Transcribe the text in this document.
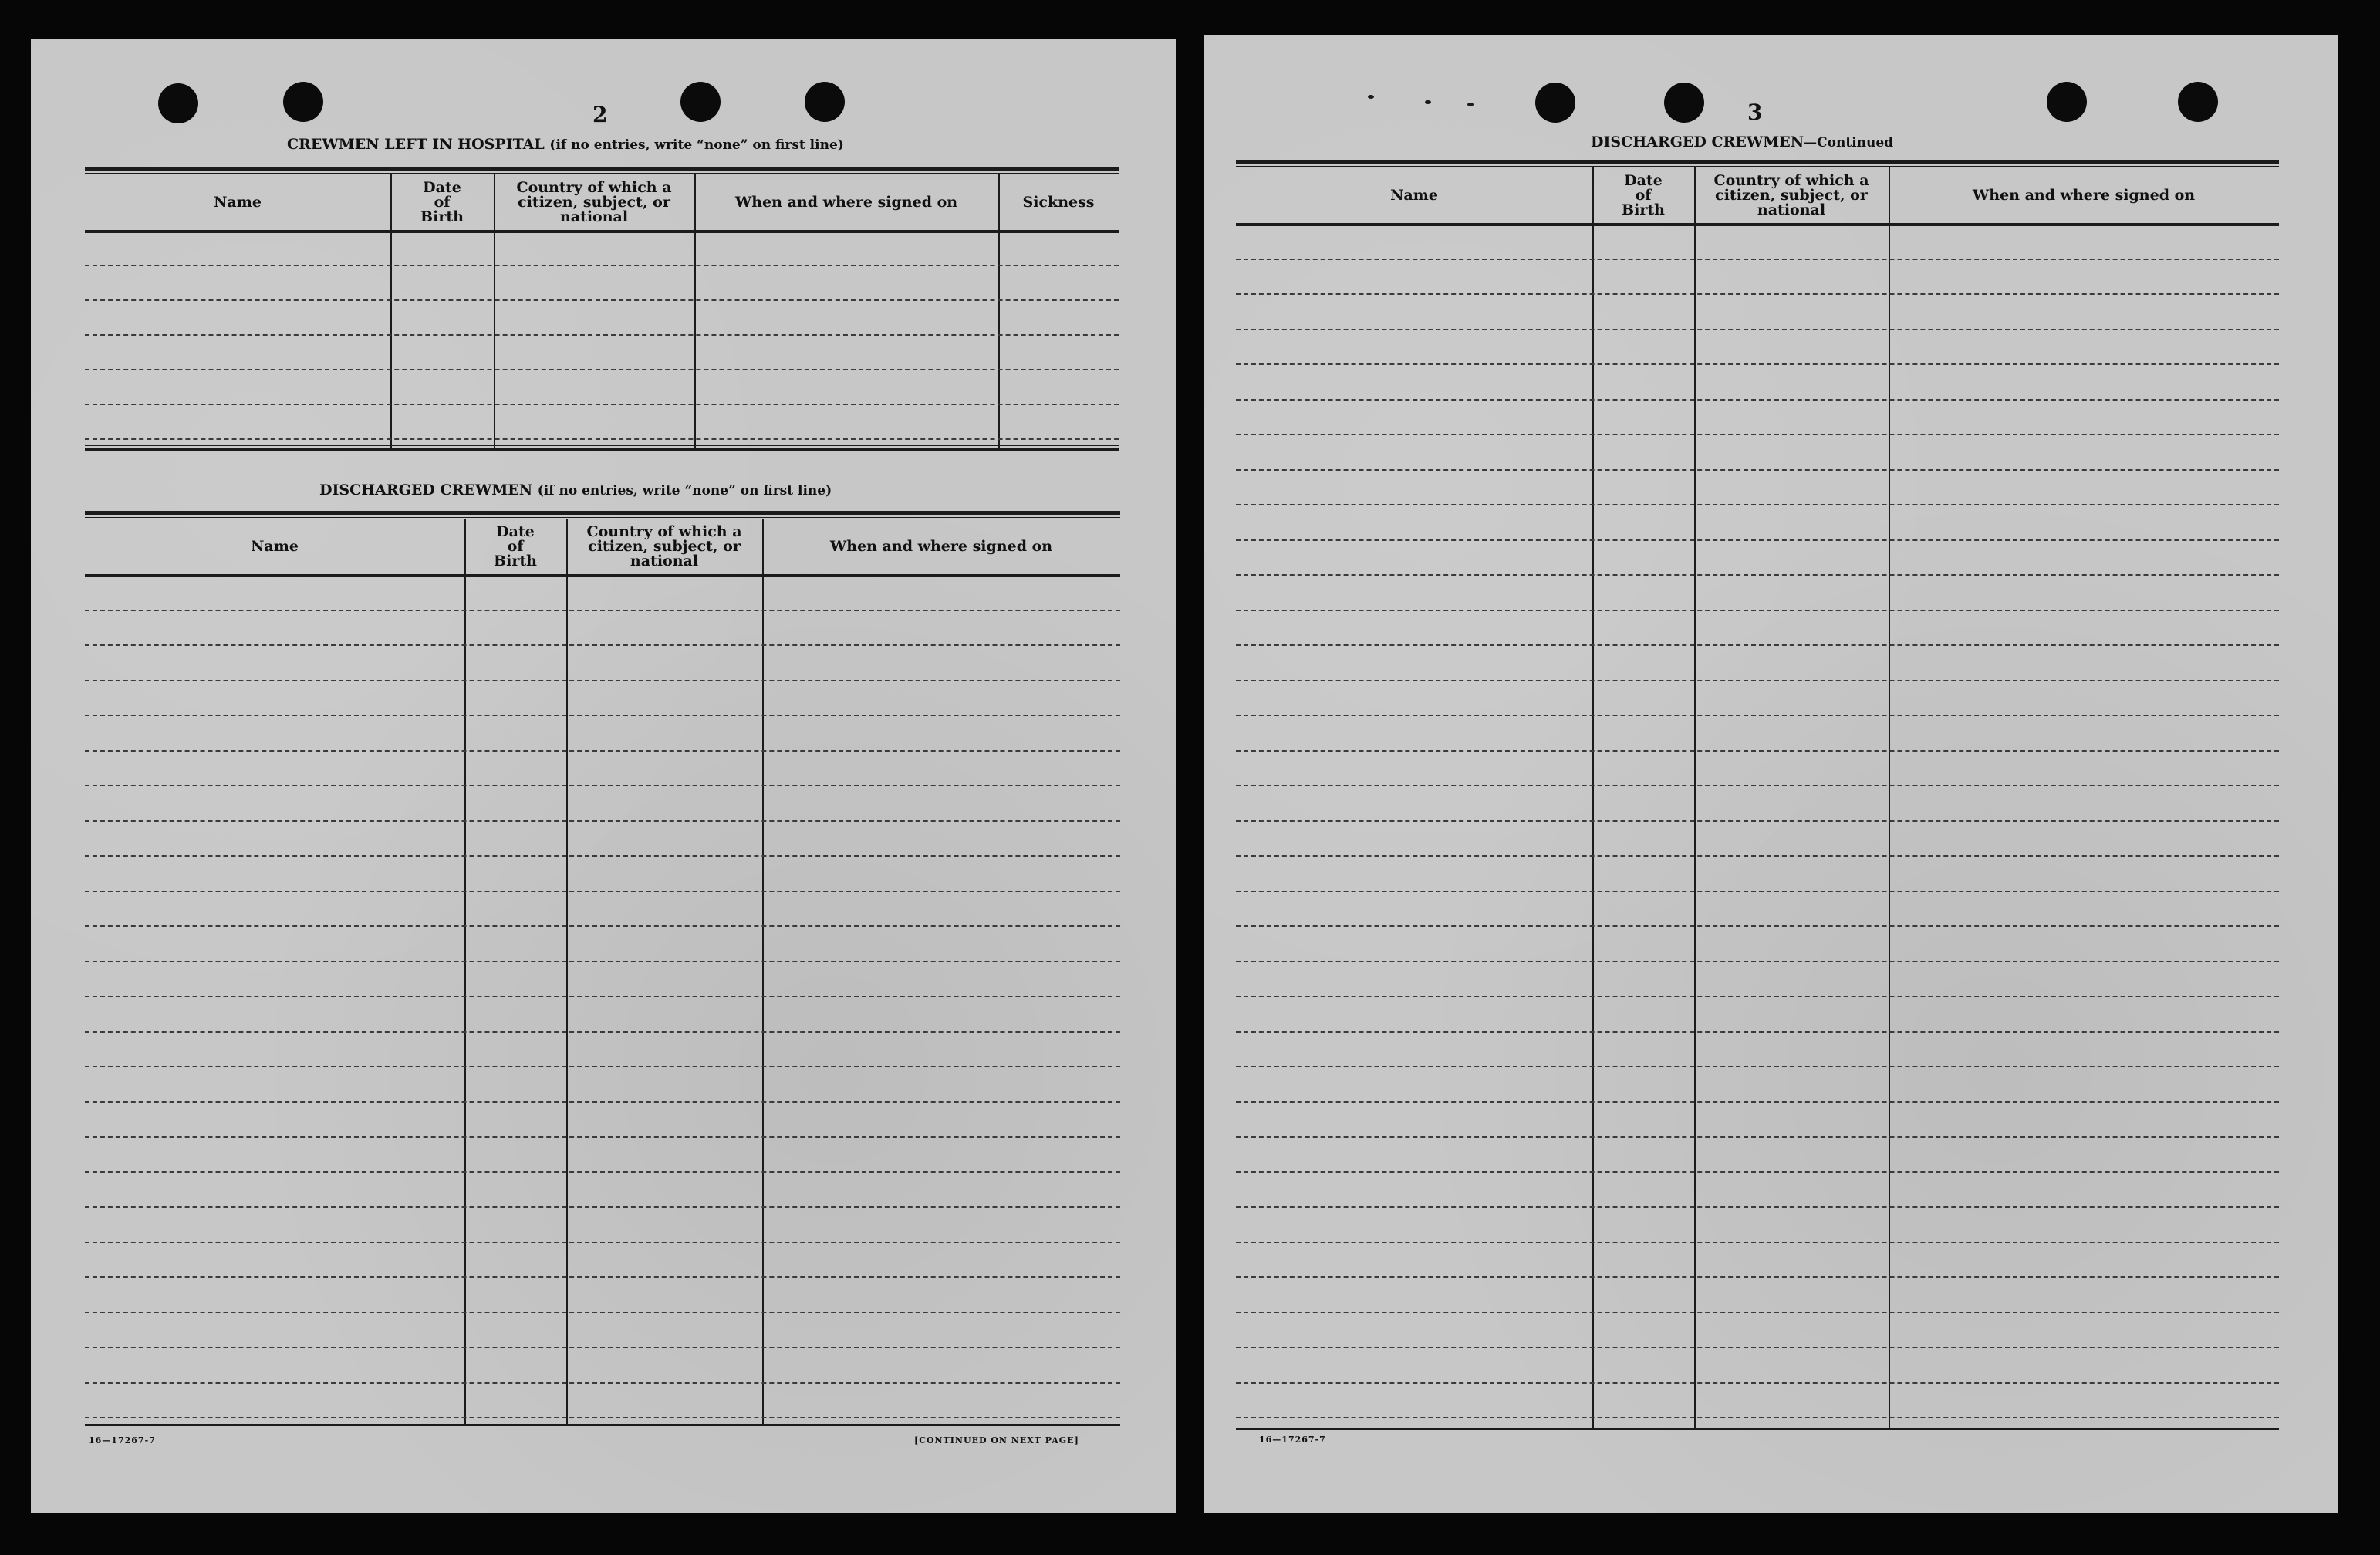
2
CREWMEN LEFT IN HOSPITAL (if no entries, write “none” on first line)
Name
Date
of
Birth
Country of which a
citizen, subject, or
national
When and where signed on	Sickness
DISCHARGED CREWMEN (if no entries, write “none” on first line)
Name
Date
of
Birth
Country of which a
citizen, subject, or
national
When and where signed on
16—17267-7	[CONTINUED ON NEXT PAGE]
3
DISCHARGED CREWMEN—Continued
Name
Date
of
Birth
Country of which a
citizen, subject, or
national
When and where signed on
16—17267-7
